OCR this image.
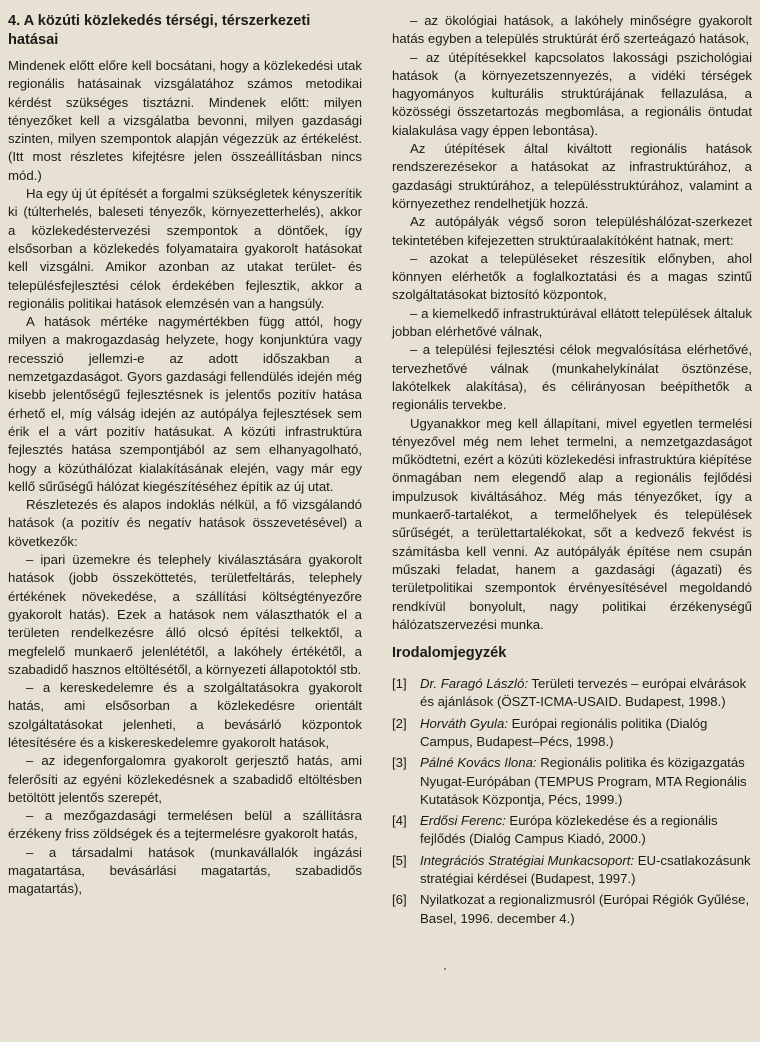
4. A közúti közlekedés térségi, térszerkezeti hatásai

Mindenek előtt előre kell bocsátani, hogy a közlekedési utak regionális hatásainak vizsgálatához számos metodikai kérdést szükséges tisztázni. Mindenek előtt: milyen tényezőket kell a vizsgálatba bevonni, milyen gazdasági szinten, milyen szempontok alapján végezzük az értékelést. (Itt most részletes kifejtésre jelen összeállításban nincs mód.)

Ha egy új út építését a forgalmi szükségletek kényszerítik ki (túlterhelés, baleseti tényezők, környezetterhelés), akkor a közlekedéstervezési szempontok a döntőek, így elsősorban a közlekedés folyamataira gyakorolt hatásokat kell vizsgálni. Amikor azonban az utakat terület- és településfejlesztési célok érdekében fejlesztik, akkor a regionális politikai hatások elemzésén van a hangsúly.

A hatások mértéke nagymértékben függ attól, hogy milyen a makrogazdaság helyzete, hogy konjunktúra vagy recesszió jellemzi-e az adott időszakban a nemzetgazdaságot. Gyors gazdasági fellendülés idején még kisebb jelentőségű fejlesztésnek is jelentős pozitív hatása érhető el, míg válság idején az autópálya fejlesztések sem érik el a várt pozitív hatásukat. A közúti infrastruktúra fejlesztés hatása szempontjából az sem elhanyagolható, hogy a közúthálózat kialakításának elején, vagy már egy kellő sűrűségű hálózat kiegészítéséhez építik az új utat.

Részletezés és alapos indoklás nélkül, a fő vizsgálandó hatások (a pozitív és negatív hatások összevetésével) a következők:

– ipari üzemekre és telephely kiválasztására gyakorolt hatások (jobb összeköttetés, területfeltárás, telephely értékének növekedése, a szállítási költségtényezőre gyakorolt hatás). Ezek a hatások nem választhatók el a területen rendelkezésre álló olcsó építési telkektől, a megfelelő munkaerő jelenlététől, a lakóhely értékétől, a szabadidő hasznos eltöltésétől, a környezeti állapotoktól stb.

– a kereskedelemre és a szolgáltatásokra gyakorolt hatás, ami elsősorban a közlekedésre orientált szolgáltatásokat jelenheti, a bevásárló központok létesítésére és a kiskereskedelemre gyakorolt hatások,

– az idegenforgalomra gyakorolt gerjesztő hatás, ami felerősíti az egyéni közlekedésnek a szabadidő eltöltésben betöltött jelentős szerepét,

– a mezőgazdasági termelésen belül a szállításra érzékeny friss zöldségek és a tejtermelésre gyakorolt hatás,

– a társadalmi hatások (munkavállalók ingázási magatartása, bevásárlási magatartás, szabadidős magatartás),

– az ökológiai hatások, a lakóhely minőségre gyakorolt hatás egyben a település struktúrát érő szerteágazó hatások,

– az útépítésekkel kapcsolatos lakossági pszichológiai hatások (a környezetszennyezés, a vidéki térségek hagyományos kulturális struktúrájának fellazulása, a közösségi összetartozás megbomlása, a regionális öntudat kialakulása vagy éppen lebontása).

Az útépítések által kiváltott regionális hatások rendszerezésekor a hatásokat az infrastruktúrához, a gazdasági struktúrához, a településstruktúrához, valamint a környezethez rendelhetjük hozzá.

Az autópályák végső soron településhálózat-szerkezet tekintetében kifejezetten struktúraalakítóként hatnak, mert:

– azokat a településeket részesítik előnyben, ahol könnyen elérhetők a foglalkoztatási és a magas szintű szolgáltatásokat biztosító központok,

– a kiemelkedő infrastruktúrával ellátott települések általuk jobban elérhetővé válnak,

– a települési fejlesztési célok megvalósítása elérhetővé, tervezhetővé válnak (munkahelykínálat ösztönzése, lakótelkek alakítása), és célirányosan beépíthetők a regionális tervekbe.

Ugyanakkor meg kell állapítani, mivel egyetlen termelési tényezővel még nem lehet termelni, a nemzetgazdaságot működtetni, ezért a közúti közlekedési infrastruktúra kiépítése önmagában nem elegendő alap a regionális fejlődési impulzusok kiváltásához. Még más tényezőket, így a munkaerő-tartalékot, a termelőhelyek és települések sűrűségét, a területtartalékokat, sőt a kedvező fekvést is számításba kell venni. Az autópályák építése nem csupán műszaki feladat, hanem a gazdasági (ágazati) és területpolitikai szempontok érvényesítésével megoldandó rendkívül bonyolult, nagy politikai érzékenységű hálózatszervezési munka.

Irodalomjegyzék
[1] Dr. Faragó László: Területi tervezés – európai elvárások és ajánlások (ÖSZT-ICMA-USAID. Budapest, 1998.)
[2] Horváth Gyula: Európai regionális politika (Dialóg Campus, Budapest–Pécs, 1998.)
[3] Pálné Kovács Ilona: Regionális politika és közigazgatás Nyugat-Európában (TEMPUS Program, MTA Regionális Kutatások Központja, Pécs, 1999.)
[4] Erdősi Ferenc: Európa közlekedése és a regionális fejlődés (Dialóg Campus Kiadó, 2000.)
[5] Integrációs Stratégiai Munkacsoport: EU-csatlakozásunk stratégiai kérdései (Budapest, 1997.)
[6] Nyilatkozat a regionalizmusról (Európai Régiók Gyűlése, Basel, 1996. december 4.)
